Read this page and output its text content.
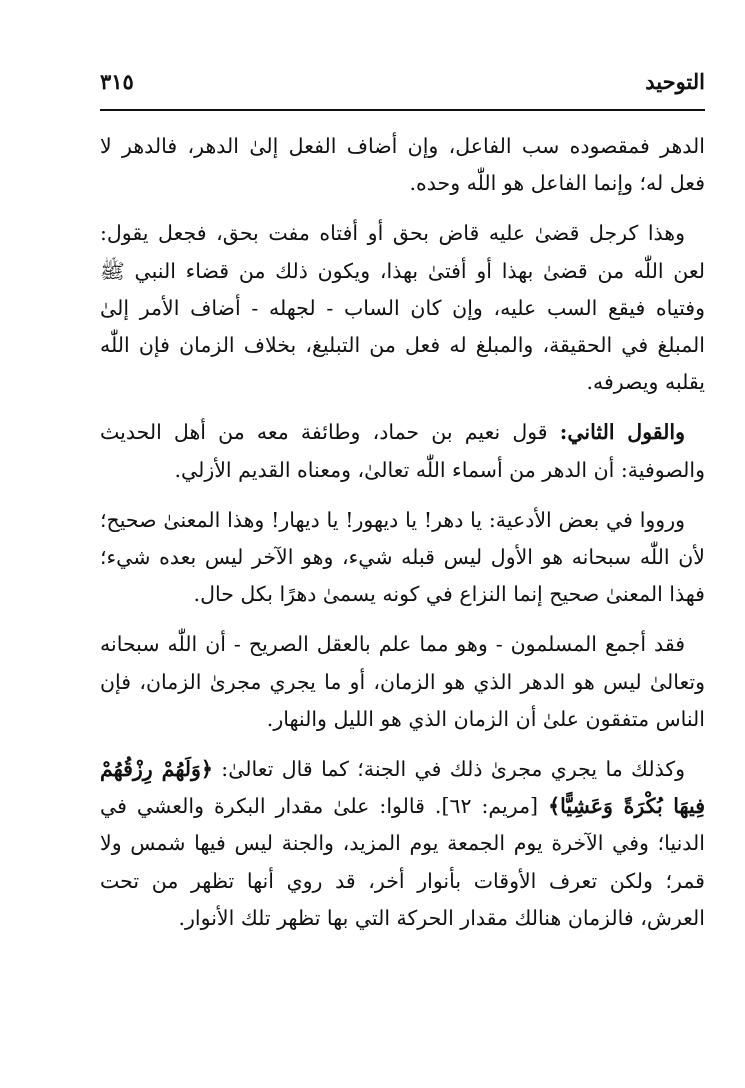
التوحيد
٣١٥

الدهر فمقصوده سب الفاعل، وإن أضاف الفعل إلىٰ الدهر، فالدهر لا فعل له؛ وإنما الفاعل هو اللّٰه وحده.

وهذا كرجل قضىٰ عليه قاض بحق أو أفتاه مفت بحق، فجعل يقول: لعن اللّٰه من قضىٰ بهذا أو أفتىٰ بهذا، ويكون ذلك من قضاء النبي ﷺ وفتياه فيقع السب عليه، وإن كان الساب - لجهله - أضاف الأمر إلىٰ المبلغ في الحقيقة، والمبلغ له فعل من التبليغ، بخلاف الزمان فإن اللّٰه يقلبه ويصرفه.

والقول الثاني: قول نعيم بن حماد، وطائفة معه من أهل الحديث والصوفية: أن الدهر من أسماء اللّٰه تعالىٰ، ومعناه القديم الأزلي.

ورووا في بعض الأدعية: يا دهر! يا ديهور! يا ديهار! وهذا المعنىٰ صحيح؛ لأن اللّٰه سبحانه هو الأول ليس قبله شيء، وهو الآخر ليس بعده شيء؛ فهذا المعنىٰ صحيح إنما النزاع في كونه يسمىٰ دهرًا بكل حال.

فقد أجمع المسلمون - وهو مما علم بالعقل الصريح - أن اللّٰه سبحانه وتعالىٰ ليس هو الدهر الذي هو الزمان، أو ما يجري مجرىٰ الزمان، فإن الناس متفقون علىٰ أن الزمان الذي هو الليل والنهار.

وكذلك ما يجري مجرىٰ ذلك في الجنة؛ كما قال تعالىٰ: ﴿وَلَهُمْ رِزْقُهُمْ فِيهَا بُكْرَةً وَعَشِيًّا﴾ [مريم: ٦٢]. قالوا: علىٰ مقدار البكرة والعشي في الدنيا؛ وفي الآخرة يوم الجمعة يوم المزيد، والجنة ليس فيها شمس ولا قمر؛ ولكن تعرف الأوقات بأنوار أخر، قد روي أنها تظهر من تحت العرش، فالزمان هنالك مقدار الحركة التي بها تظهر تلك الأنوار.
